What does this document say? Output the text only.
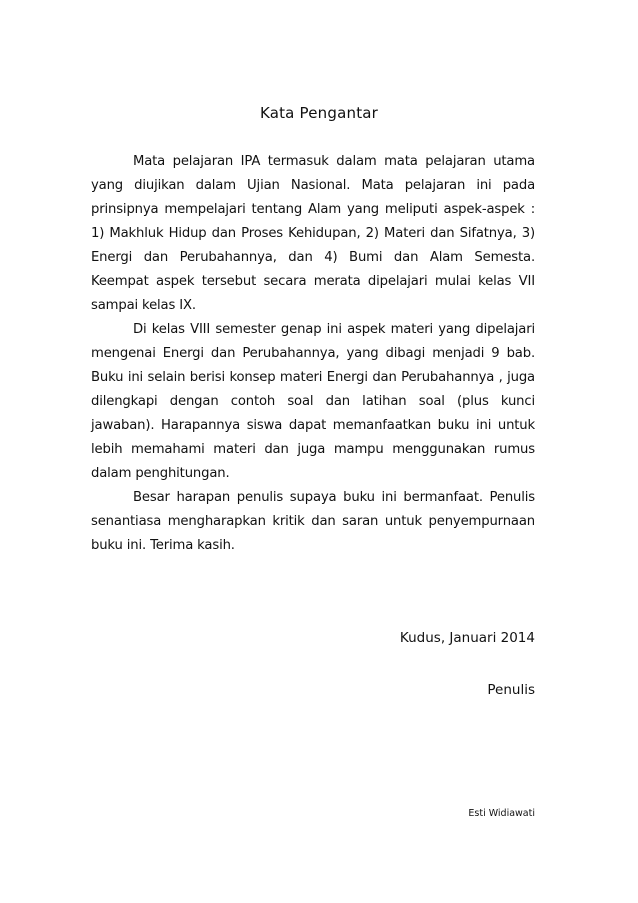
Kata Pengantar

Mata pelajaran IPA termasuk dalam mata pelajaran utama yang diujikan dalam Ujian Nasional. Mata pelajaran ini pada prinsipnya mempelajari tentang Alam yang meliputi aspek-aspek : 1) Makhluk Hidup dan Proses Kehidupan, 2) Materi dan Sifatnya, 3) Energi dan Perubahannya, dan 4) Bumi dan Alam Semesta. Keempat aspek tersebut secara merata dipelajari mulai kelas VII sampai kelas IX.

Di kelas VIII semester genap ini aspek materi yang dipelajari mengenai Energi dan Perubahannya, yang dibagi menjadi 9 bab. Buku ini selain berisi konsep materi Energi dan Perubahannya , juga dilengkapi dengan contoh soal dan latihan soal (plus kunci jawaban). Harapannya siswa dapat memanfaatkan buku ini untuk lebih memahami materi dan juga mampu menggunakan rumus dalam penghitungan.

Besar harapan penulis supaya buku ini bermanfaat. Penulis senantiasa mengharapkan kritik dan saran untuk penyempurnaan buku ini. Terima kasih.

Kudus, Januari 2014
Penulis
Esti Widiawati
